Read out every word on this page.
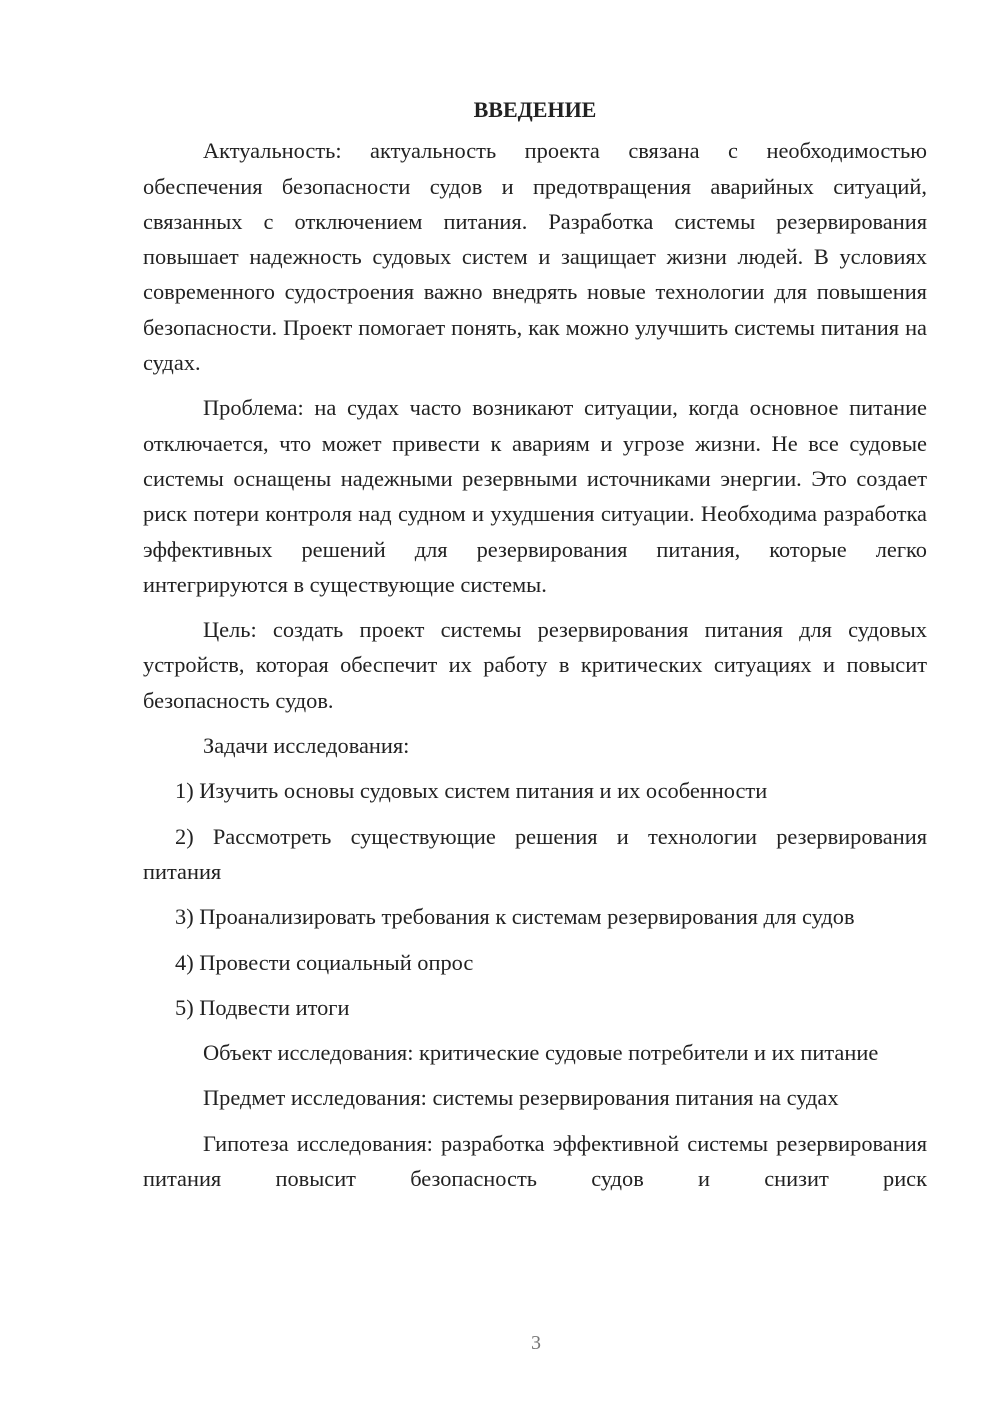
ВВЕДЕНИЕ

Актуальность: актуальность проекта связана с необходимостью обеспечения безопасности судов и предотвращения аварийных ситуаций, связанных с отключением питания. Разработка системы резервирования повышает надежность судовых систем и защищает жизни людей. В условиях современного судостроения важно внедрять новые технологии для повышения безопасности. Проект помогает понять, как можно улучшить системы питания на судах.

Проблема: на судах часто возникают ситуации, когда основное питание отключается, что может привести к авариям и угрозе жизни. Не все судовые системы оснащены надежными резервными источниками энергии. Это создает риск потери контроля над судном и ухудшения ситуации. Необходима разработка эффективных решений для резервирования питания, которые легко интегрируются в существующие системы.

Цель: создать проект системы резервирования питания для судовых устройств, которая обеспечит их работу в критических ситуациях и повысит безопасность судов.

Задачи исследования:

1) Изучить основы судовых систем питания и их особенности

2) Рассмотреть существующие решения и технологии резервирования питания

3) Проанализировать требования к системам резервирования для судов

4) Провести социальный опрос

5) Подвести итоги

Объект исследования: критические судовые потребители и их питание

Предмет исследования: системы резервирования питания на судах

Гипотеза исследования: разработка эффективной системы резервирования питания повысит безопасность судов и снизит риск

3
